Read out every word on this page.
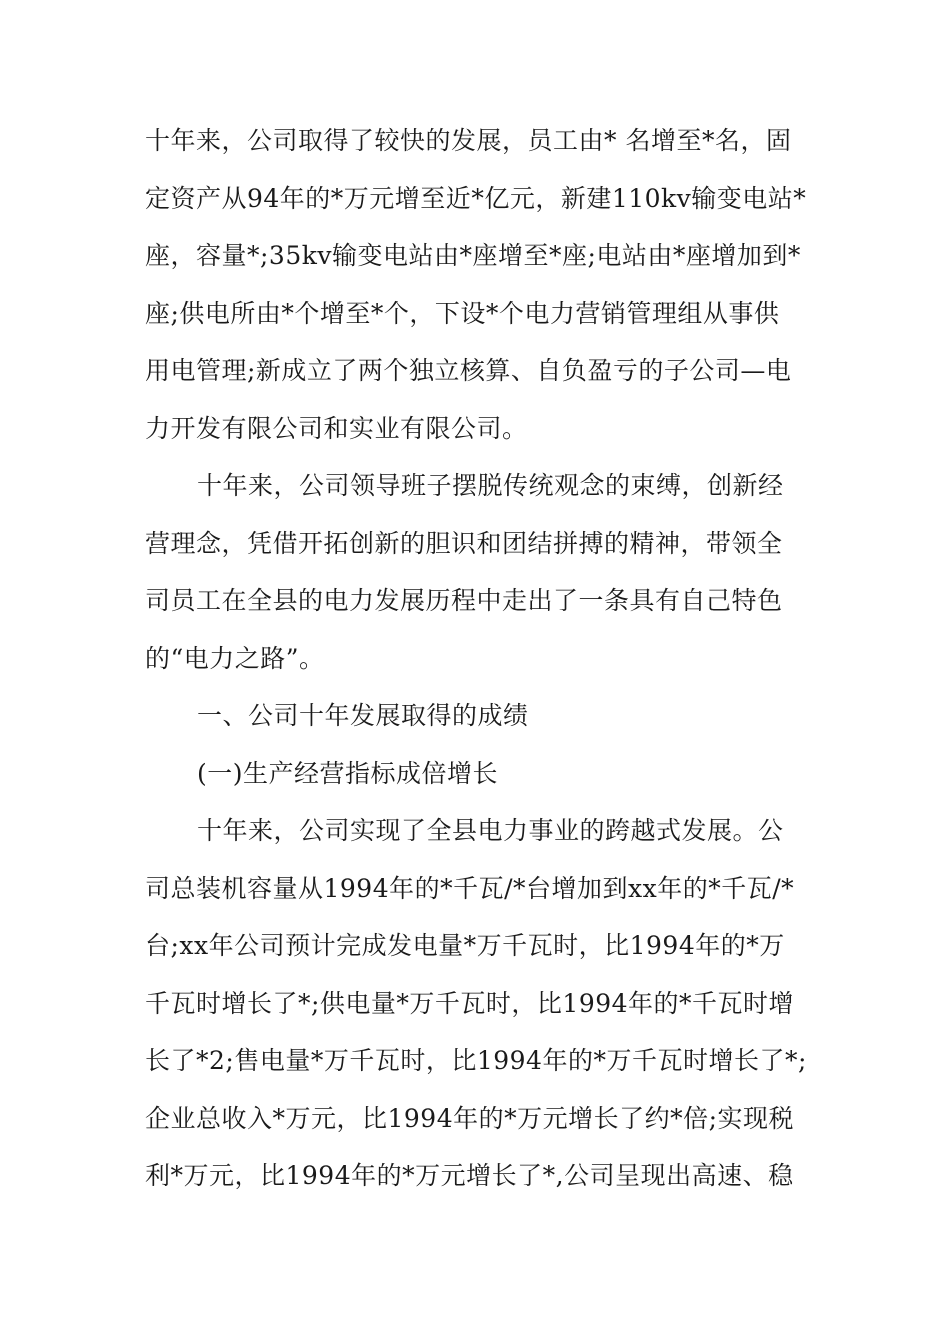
十年来，公司取得了较快的发展，员工由* 名增至*名，固
定资产从94年的*万元增至近*亿元，新建110kv输变电站*
座，容量*;35kv输变电站由*座增至*座;电站由*座增加到*
座;供电所由*个增至*个，下设*个电力营销管理组从事供
用电管理;新成立了两个独立核算、自负盈亏的子公司—电
力开发有限公司和实业有限公司。

十年来，公司领导班子摆脱传统观念的束缚，创新经
营理念，凭借开拓创新的胆识和团结拼搏的精神，带领全
司员工在全县的电力发展历程中走出了一条具有自己特色
的“电力之路”。

一、公司十年发展取得的成绩

(一)生产经营指标成倍增长

十年来，公司实现了全县电力事业的跨越式发展。公
司总装机容量从1994年的*千瓦/*台增加到xx年的*千瓦/*
台;xx年公司预计完成发电量*万千瓦时，比1994年的*万
千瓦时增长了*;供电量*万千瓦时，比1994年的*千瓦时增
长了*2;售电量*万千瓦时，比1994年的*万千瓦时增长了*;
企业总收入*万元，比1994年的*万元增长了约*倍;实现税
利*万元，比1994年的*万元增长了*,公司呈现出高速、稳
